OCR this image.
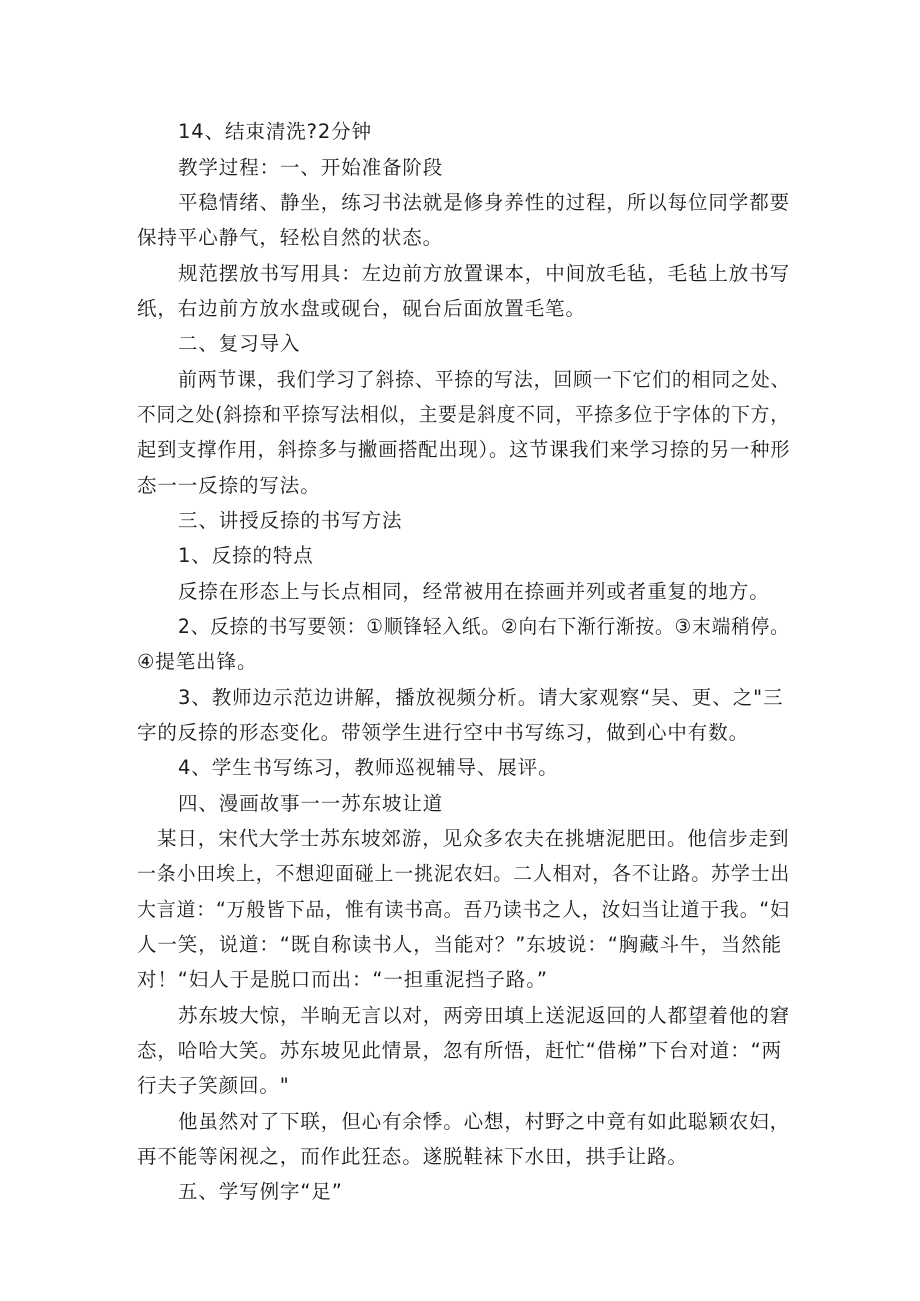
14、结束清洗?2分钟
教学过程：一、开始准备阶段
平稳情绪、静坐，练习书法就是修身养性的过程，所以每位同学都要
保持平心静气，轻松自然的状态。
规范摆放书写用具：左边前方放置课本，中间放毛毡，毛毡上放书写
纸，右边前方放水盘或砚台，砚台后面放置毛笔。
二、复习导入
前两节课，我们学习了斜捺、平捺的写法，回顾一下它们的相同之处、
不同之处(斜捺和平捺写法相似，主要是斜度不同，平捺多位于字体的下方，
起到支撑作用，斜捺多与撇画搭配出现）。这节课我们来学习捺的另一种形
态一一反捺的写法。
三、讲授反捺的书写方法
1、反捺的特点
反捺在形态上与长点相同，经常被用在捺画并列或者重复的地方。
2、反捺的书写要领：①顺锋轻入纸。②向右下渐行渐按。③末端稍停。
④提笔出锋。
3、教师边示范边讲解，播放视频分析。请大家观察“吴、更、之"三
字的反捺的形态变化。带领学生进行空中书写练习，做到心中有数。
4、学生书写练习，教师巡视辅导、展评。
四、漫画故事一一苏东坡让道
某日，宋代大学士苏东坡郊游，见众多农夫在挑塘泥肥田。他信步走到
一条小田埃上，不想迎面碰上一挑泥农妇。二人相对，各不让路。苏学士出
大言道：“万般皆下品，惟有读书高。吾乃读书之人，汝妇当让道于我。“妇
人一笑，说道：“既自称读书人，当能对？”东坡说：“胸藏斗牛，当然能
对！“妇人于是脱口而出：“一担重泥挡子路。”
苏东坡大惊，半晌无言以对，两旁田填上送泥返回的人都望着他的窘
态，哈哈大笑。苏东坡见此情景，忽有所悟，赶忙“借梯”下台对道：“两
行夫子笑颜回。"
他虽然对了下联，但心有余悸。心想，村野之中竟有如此聪颖农妇，
再不能等闲视之，而作此狂态。遂脱鞋袜下水田，拱手让路。
五、学写例字“足”
